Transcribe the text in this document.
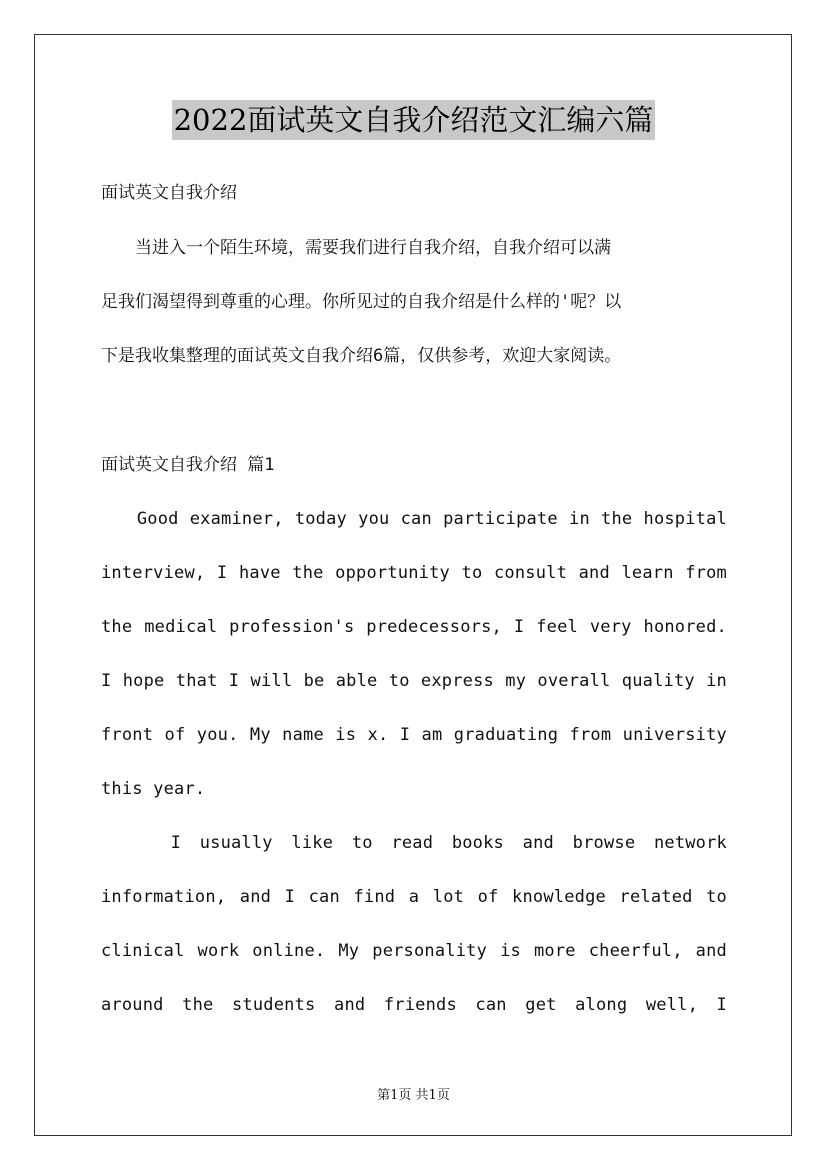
2022面试英文自我介绍范文汇编六篇
面试英文自我介绍
　　当进入一个陌生环境，需要我们进行自我介绍，自我介绍可以满
足我们渴望得到尊重的心理。你所见过的自我介绍是什么样的'呢？以
下是我收集整理的面试英文自我介绍6篇，仅供参考，欢迎大家阅读。
面试英文自我介绍 篇1
　　Good examiner, today you can participate in the hospital
interview, I have the opportunity to consult and learn from
the medical profession's predecessors, I feel very honored.
I hope that I will be able to express my overall quality in
front of you. My name is x. I am graduating from university
this year.
　　 I usually like to read books and browse network
information, and I can find a lot of knowledge related to
clinical work online. My personality is more cheerful, and
around the students and friends can get along well, I
第1页 共1页
